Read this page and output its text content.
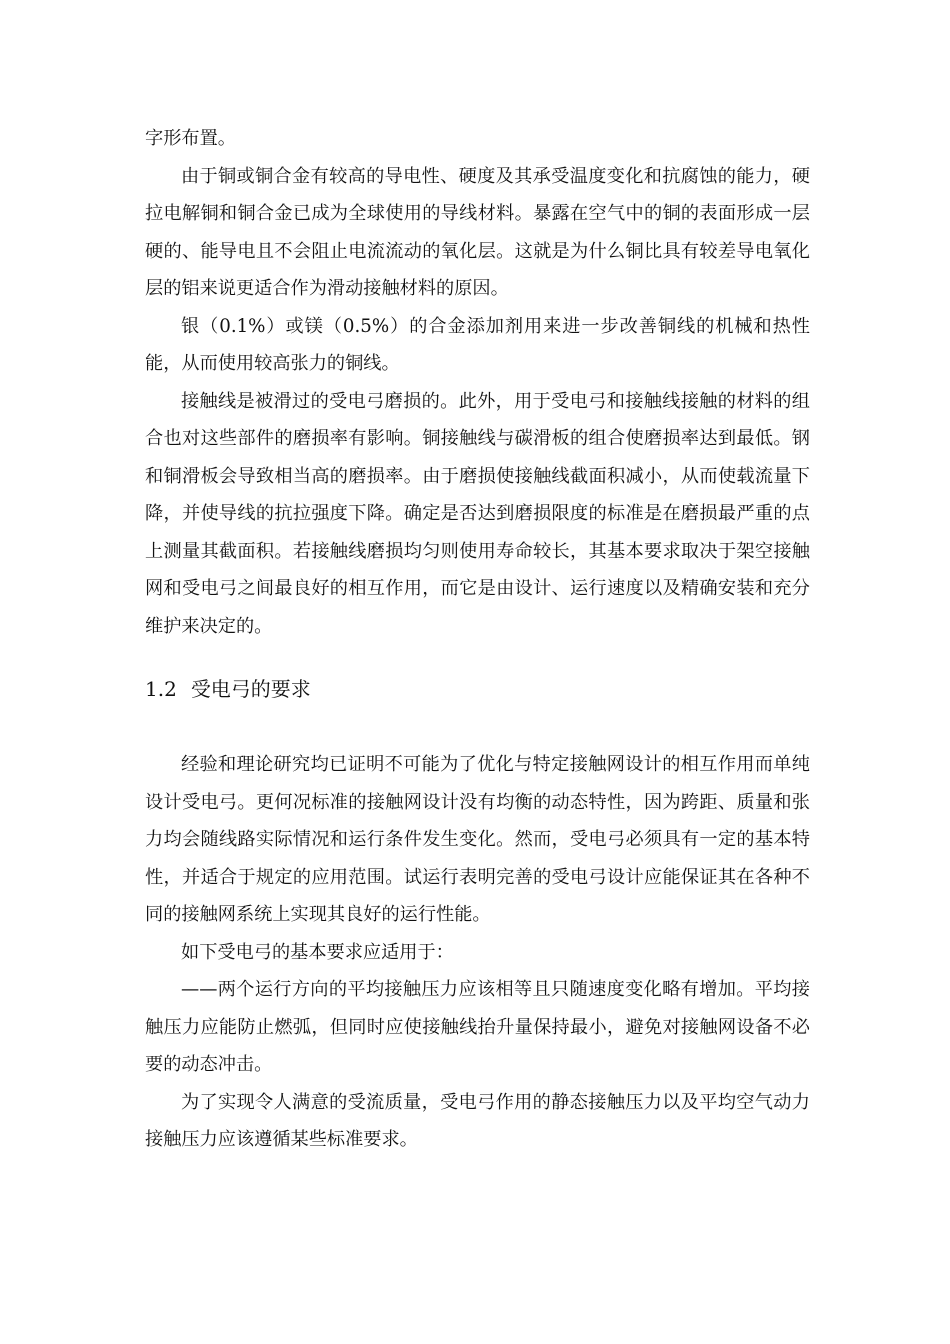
字形布置。

由于铜或铜合金有较高的导电性、硬度及其承受温度变化和抗腐蚀的能力，硬拉电解铜和铜合金已成为全球使用的导线材料。暴露在空气中的铜的表面形成一层硬的、能导电且不会阻止电流流动的氧化层。这就是为什么铜比具有较差导电氧化层的铝来说更适合作为滑动接触材料的原因。

银（0.1%）或镁（0.5%）的合金添加剂用来进一步改善铜线的机械和热性能，从而使用较高张力的铜线。

接触线是被滑过的受电弓磨损的。此外，用于受电弓和接触线接触的材料的组合也对这些部件的磨损率有影响。铜接触线与碳滑板的组合使磨损率达到最低。钢和铜滑板会导致相当高的磨损率。由于磨损使接触线截面积减小，从而使载流量下降，并使导线的抗拉强度下降。确定是否达到磨损限度的标准是在磨损最严重的点上测量其截面积。若接触线磨损均匀则使用寿命较长，其基本要求取决于架空接触网和受电弓之间最良好的相互作用，而它是由设计、运行速度以及精确安装和充分维护来决定的。

1.2 受电弓的要求

经验和理论研究均已证明不可能为了优化与特定接触网设计的相互作用而单纯设计受电弓。更何况标准的接触网设计没有均衡的动态特性，因为跨距、质量和张力均会随线路实际情况和运行条件发生变化。然而，受电弓必须具有一定的基本特性，并适合于规定的应用范围。试运行表明完善的受电弓设计应能保证其在各种不同的接触网系统上实现其良好的运行性能。

如下受电弓的基本要求应适用于：

——两个运行方向的平均接触压力应该相等且只随速度变化略有增加。平均接触压力应能防止燃弧，但同时应使接触线抬升量保持最小，避免对接触网设备不必要的动态冲击。

为了实现令人满意的受流质量，受电弓作用的静态接触压力以及平均空气动力接触压力应该遵循某些标准要求。
